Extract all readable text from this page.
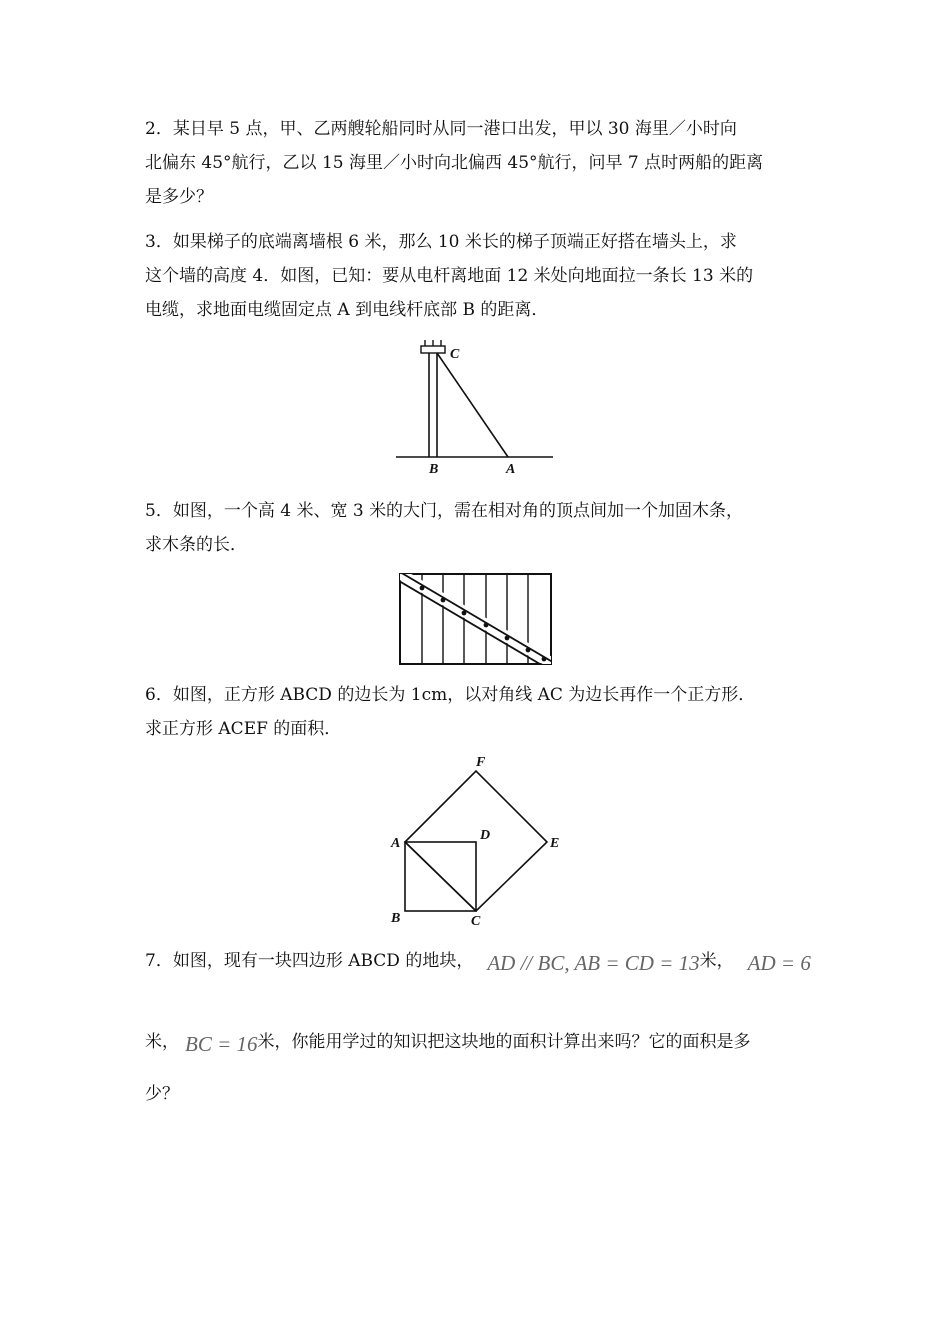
2．某日早 5 点，甲、乙两艘轮船同时从同一港口出发，甲以 30 海里／小时向
北偏东 45°航行，乙以 15 海里／小时向北偏西 45°航行，问早 7 点时两船的距离
是多少？
3．如果梯子的底端离墙根 6 米，那么 10 米长的梯子顶端正好搭在墙头上，求
这个墙的高度 4．如图，已知：要从电杆离地面 12 米处向地面拉一条长 13 米的
电缆，求地面电缆固定点 A 到电线杆底部 B 的距离．
C
B	A
5．如图，一个高 4 米、宽 3 米的大门，需在相对角的顶点间加一个加固木条，
求木条的长．
6．如图，正方形 ABCD 的边长为 1cm，以对角线 AC 为边长再作一个正方形．
求正方形 ACEF 的面积．
A
B	C
D
E
F
7．如图，现有一块四边形 ABCD 的地块， AD // BC, AB = CD = 13米， AD = 6
米， BC = 16米，你能用学过的知识把这块地的面积计算出来吗？它的面积是多
少？
